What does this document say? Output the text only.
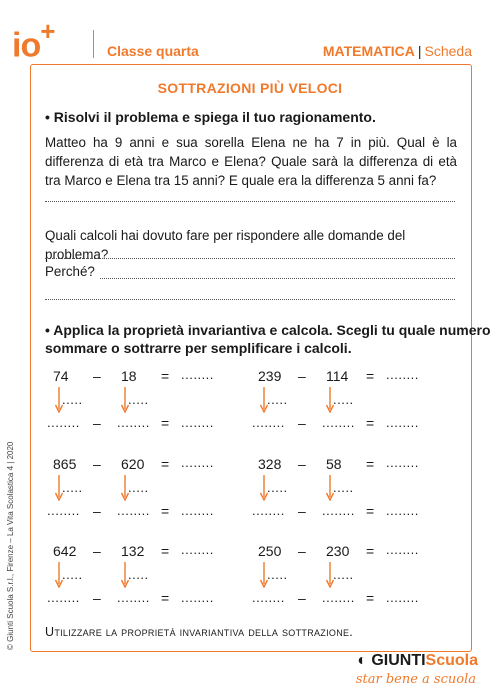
io+
Classe quarta	MATEMATICA | Scheda
SOTTRAZIONI PIÙ VELOCI
• Risolvi il problema e spiega il tuo ragionamento.
Matteo ha 9 anni e sua sorella Elena ne ha 7 in più. Qual è la differenza di età tra Marco e Elena? Quale sarà la differenza di età tra Marco e Elena tra 15 anni? E quale era la differenza 5 anni fa?
Quali calcoli hai dovuto fare per rispondere alle domande del problema?
Perché?
• Applica la proprietà invariantiva e calcola. Scegli tu quale numero
sommare o sottrarre per semplificare i calcoli.
74 – 18 = ........
.....	.....
........ – ........ = ........
239 – 114 = ........
.....	.....
........ – ........ = ........
865 – 620 = ........
.....	.....
........ – ........ = ........
328 – 58 = ........
.....	.....
........ – ........ = ........
642 – 132 = ........
.....	.....
........ – ........ = ........
250 – 230 = ........
.....	.....
........ – ........ = ........
Utilizzare la proprietà invariantiva della sottrazione.
© Giunti Scuola S.r.l., Firenze – La Vita Scolastica 4 | 2020
◐ GIUNTIScuola
star bene a scuola
